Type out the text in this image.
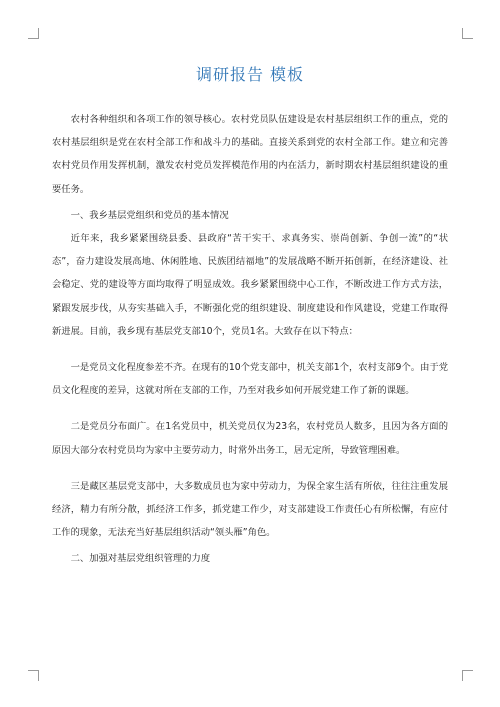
调研报告 模板

农村各种组织和各项工作的领导核心。农村党员队伍建设是农村基层组织工作的重点，党的农村基层组织是党在农村全部工作和战斗力的基础。直接关系到党的农村全部工作。建立和完善农村党员作用发挥机制，激发农村党员发挥模范作用的内在活力，新时期农村基层组织建设的重要任务。

一、我乡基层党组织和党员的基本情况

近年来，我乡紧紧围绕县委、县政府“苦干实干、求真务实、崇尚创新、争创一流”的“状态”，奋力建设发展高地、休闲胜地、民族团结福地”的发展战略不断开拓创新，在经济建设、社会稳定、党的建设等方面均取得了明显成效。我乡紧紧围绕中心工作，不断改进工作方式方法，紧跟发展步伐，从夯实基础入手，不断强化党的组织建设、制度建设和作风建设，党建工作取得新进展。目前，我乡现有基层党支部10个，党员1名。大致存在以下特点：

一是党员文化程度参差不齐。在现有的10个党支部中，机关支部1个，农村支部9个。由于党员文化程度的差异，这就对所在支部的工作，乃至对我乡如何开展党建工作了新的课题。

二是党员分布面广。在1名党员中，机关党员仅为23名，农村党员人数多，且因为各方面的原因大部分农村党员均为家中主要劳动力，时常外出务工，居无定所，导致管理困难。

三是藏区基层党支部中，大多数成员也为家中劳动力，为保全家生活有所依，往往注重发展经济，精力有所分散，抓经济工作多，抓党建工作少，对支部建设工作责任心有所松懈，有应付工作的现象，无法充当好基层组织活动“领头雁”角色。

二、加强对基层党组织管理的力度
